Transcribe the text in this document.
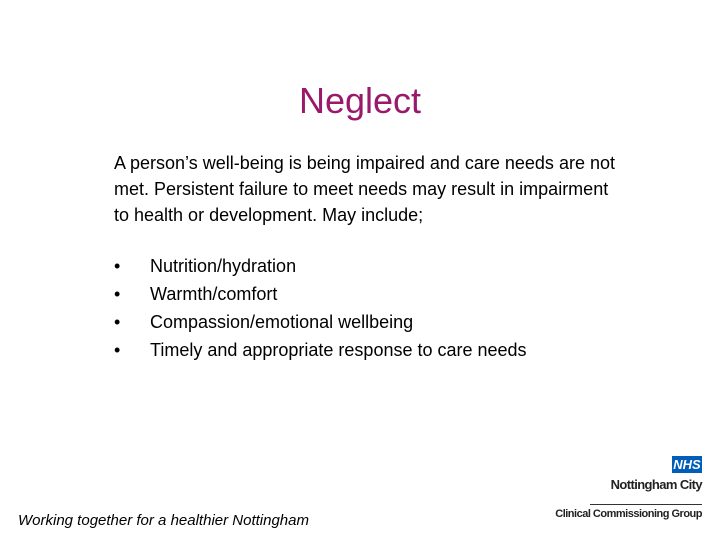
Neglect
A person’s well-being is being impaired and care needs are not met. Persistent failure to meet needs may result in impairment to health or development. May include;
•	Nutrition/hydration
•	Warmth/comfort
•	Compassion/emotional wellbeing
•	Timely and appropriate response to care needs
Working together for a healthier Nottingham
NHS
Nottingham City
Clinical Commissioning Group
